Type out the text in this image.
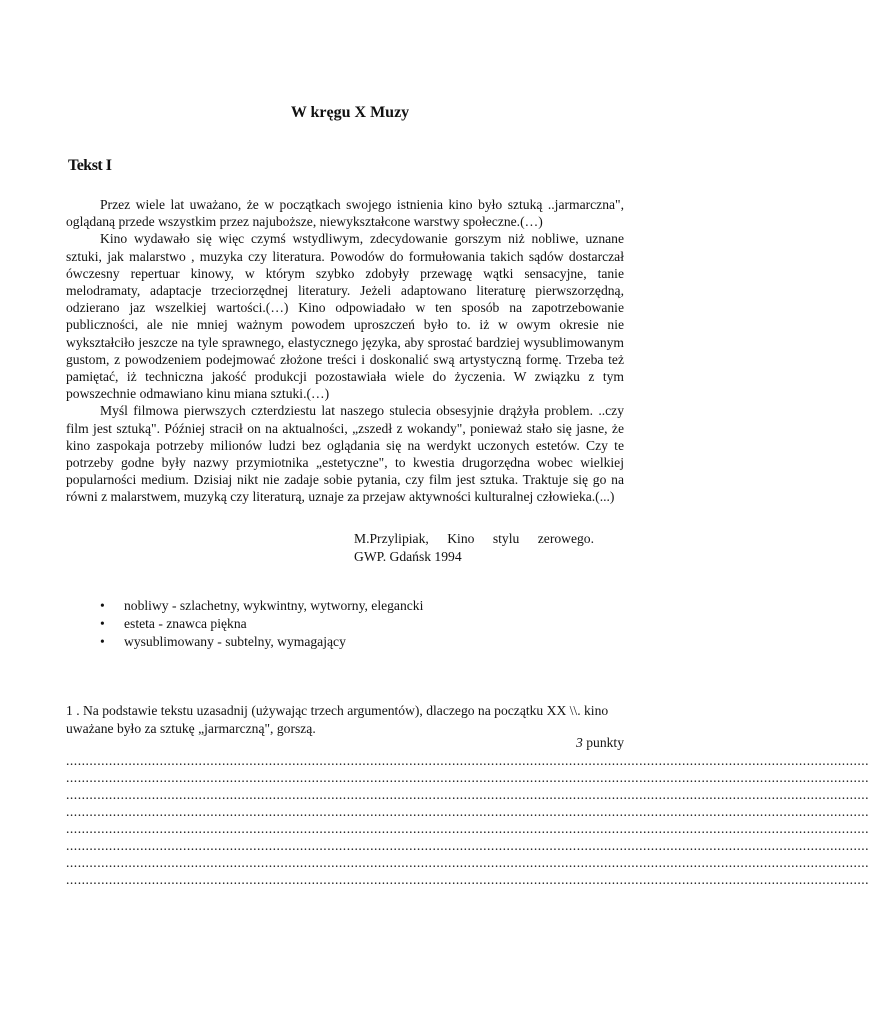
W kręgu X Muzy
Tekst I

Przez wiele lat uważano, że w początkach swojego istnienia kino było sztuką ..jarmarczna", oglądaną przede wszystkim przez najuboższe, niewykształcone warstwy społeczne.(…)

Kino wydawało się więc czymś wstydliwym, zdecydowanie gorszym niż nobliwe, uznane sztuki, jak malarstwo , muzyka czy literatura. Powodów do formułowania takich sądów dostarczał ówczesny repertuar kinowy, w którym szybko zdobyły przewagę wątki sensacyjne, tanie melodramaty, adaptacje trzeciorzędnej literatury. Jeżeli adaptowano literaturę pierwszorzędną, odzierano jaz wszelkiej wartości.(…) Kino odpowiadało w ten sposób na zapotrzebowanie publiczności, ale nie mniej ważnym powodem uproszczeń było to. iż w owym okresie nie wykształciło jeszcze na tyle sprawnego, elastycznego języka, aby sprostać bardziej wysublimowanym gustom, z powodzeniem podejmować złożone treści i doskonalić swą artystyczną formę. Trzeba też pamiętać, iż techniczna jakość produkcji pozostawiała wiele do życzenia. W związku z tym powszechnie odmawiano kinu miana sztuki.(…)

Myśl filmowa pierwszych czterdziestu lat naszego stulecia obsesyjnie drążyła problem. ..czy film jest sztuką". Później stracił on na aktualności, „zszedł z wokandy", ponieważ stało się jasne, że kino zaspokaja potrzeby milionów ludzi bez oglądania się na werdykt uczonych estetów. Czy te potrzeby godne były nazwy przymiotnika „estetyczne", to kwestia drugorzędna wobec wielkiej popularności medium. Dzisiaj nikt nie zadaje sobie pytania, czy film jest sztuka. Traktuje się go na równi z malarstwem, muzyką czy literaturą, uznaje za przejaw aktywności kulturalnej człowieka.(...)

M.Przylipiak, Kino stylu zerowego.
GWP. Gdańsk 1994
• nobliwy - szlachetny, wykwintny, wytworny, elegancki
• esteta - znawca piękna
• wysublimowany - subtelny, wymagający
1 . Na podstawie tekstu uzasadnij (używając trzech argumentów), dlaczego na początku XX \\. kino uważane było za sztukę „jarmarczną", gorszą.
3 punkty
..............................................................................................................................................................................................................
..............................................................................................................................................................................................................
..............................................................................................................................................................................................................
..............................................................................................................................................................................................................
..............................................................................................................................................................................................................
..............................................................................................................................................................................................................
..............................................................................................................................................................................................................
..............................................................................................................................................................................................................
